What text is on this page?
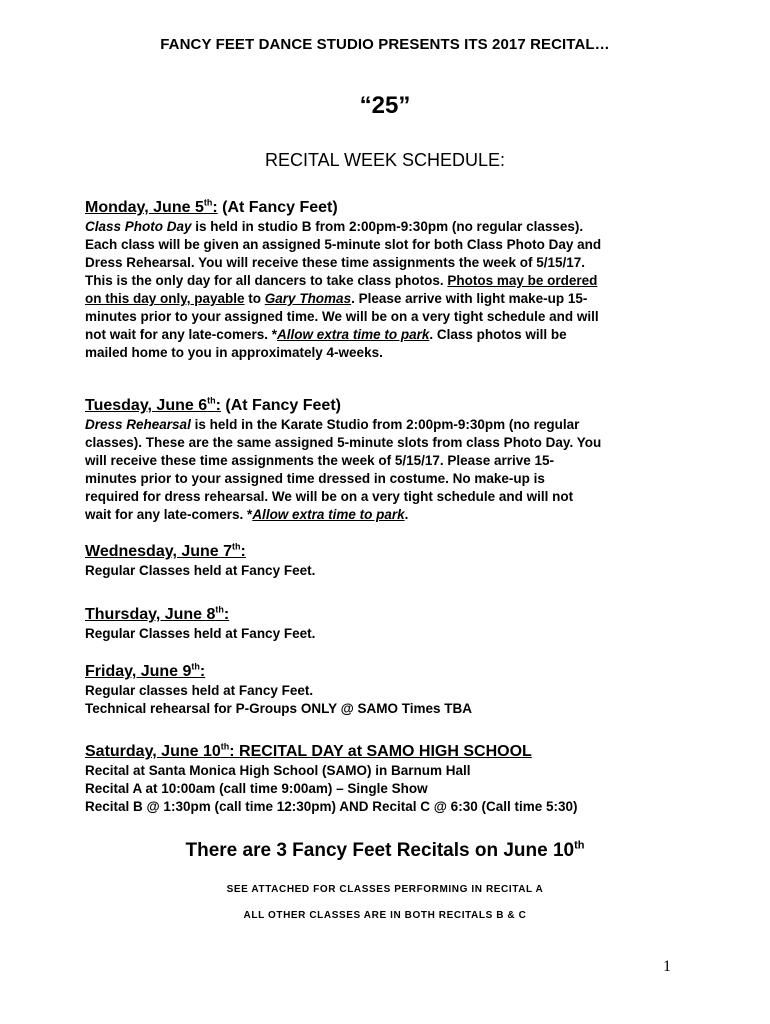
FANCY FEET DANCE STUDIO PRESENTS ITS 2017 RECITAL…
“25”
RECITAL WEEK SCHEDULE:
Monday, June 5th: (At Fancy Feet)
Class Photo Day is held in studio B from 2:00pm-9:30pm (no regular classes).
Each class will be given an assigned 5-minute slot for both Class Photo Day and
Dress Rehearsal. You will receive these time assignments the week of 5/15/17.
This is the only day for all dancers to take class photos. Photos may be ordered
on this day only, payable to Gary Thomas. Please arrive with light make-up 15-
minutes prior to your assigned time. We will be on a very tight schedule and will
not wait for any late-comers. *Allow extra time to park. Class photos will be
mailed home to you in approximately 4-weeks.
Tuesday, June 6th: (At Fancy Feet)
Dress Rehearsal is held in the Karate Studio from 2:00pm-9:30pm (no regular
classes). These are the same assigned 5-minute slots from class Photo Day. You
will receive these time assignments the week of 5/15/17. Please arrive 15-
minutes prior to your assigned time dressed in costume. No make-up is
required for dress rehearsal. We will be on a very tight schedule and will not
wait for any late-comers. *Allow extra time to park.
Wednesday, June 7th:
Regular Classes held at Fancy Feet.
Thursday, June 8th:
Regular Classes held at Fancy Feet.
Friday, June 9th:
Regular classes held at Fancy Feet.
Technical rehearsal for P-Groups ONLY @ SAMO Times TBA
Saturday, June 10th: RECITAL DAY at SAMO HIGH SCHOOL
Recital at Santa Monica High School (SAMO) in Barnum Hall
Recital A at 10:00am (call time 9:00am) – Single Show
Recital B @ 1:30pm (call time 12:30pm) AND Recital C @ 6:30 (Call time 5:30)
There are 3 Fancy Feet Recitals on June 10th
SEE ATTACHED FOR CLASSES PERFORMING IN RECITAL A
ALL OTHER CLASSES ARE IN BOTH RECITALS B & C
1
